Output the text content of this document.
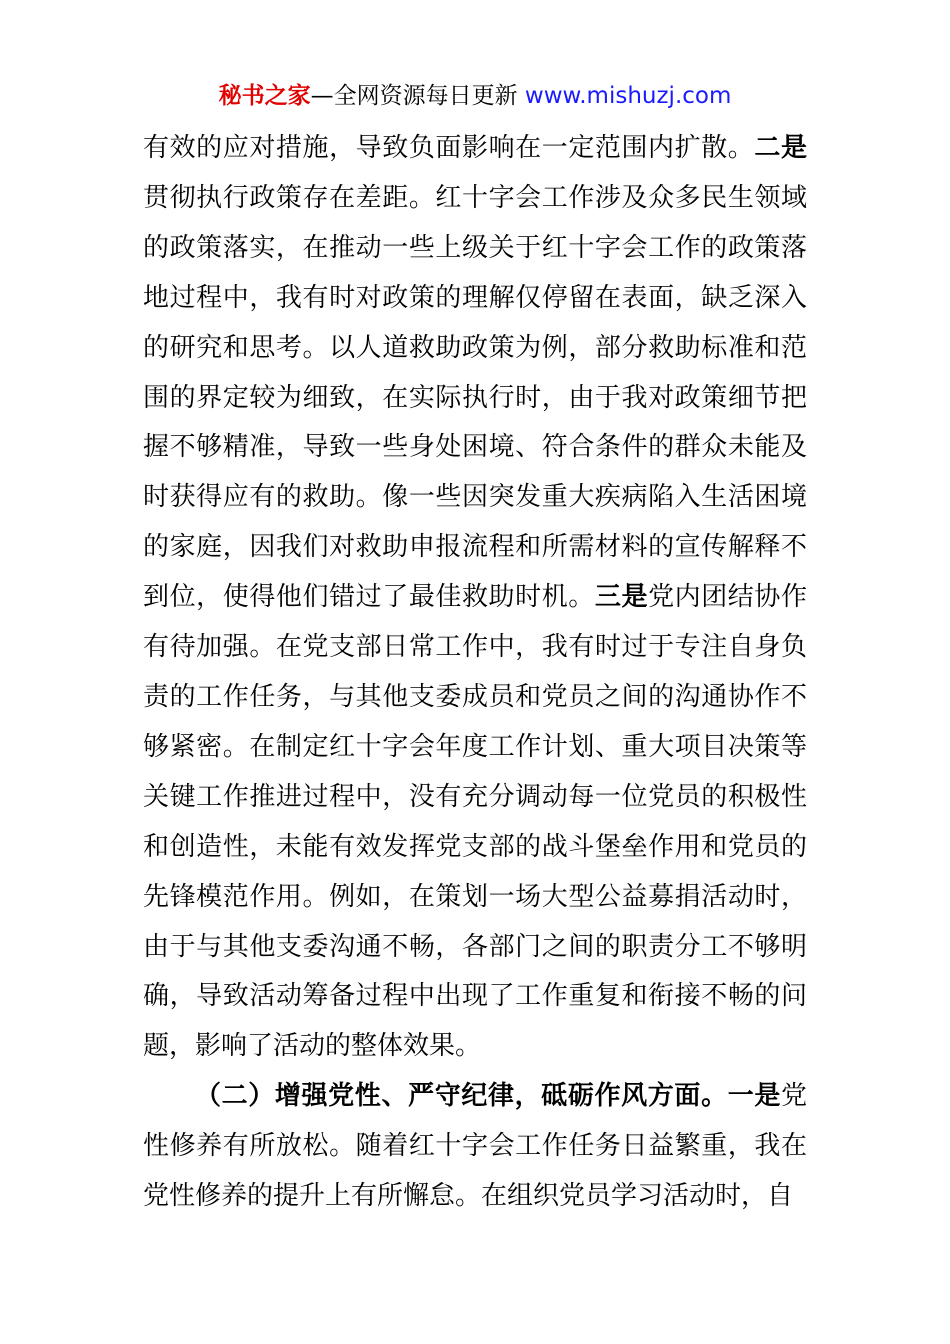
秘书之家—全网资源每日更新 www.mishuzj.com

有效的应对措施，导致负面影响在一定范围内扩散。二是贯彻执行政策存在差距。红十字会工作涉及众多民生领域的政策落实，在推动一些上级关于红十字会工作的政策落地过程中，我有时对政策的理解仅停留在表面，缺乏深入的研究和思考。以人道救助政策为例，部分救助标准和范围的界定较为细致，在实际执行时，由于我对政策细节把握不够精准，导致一些身处困境、符合条件的群众未能及时获得应有的救助。像一些因突发重大疾病陷入生活困境的家庭，因我们对救助申报流程和所需材料的宣传解释不到位，使得他们错过了最佳救助时机。三是党内团结协作有待加强。在党支部日常工作中，我有时过于专注自身负责的工作任务，与其他支委成员和党员之间的沟通协作不够紧密。在制定红十字会年度工作计划、重大项目决策等关键工作推进过程中，没有充分调动每一位党员的积极性和创造性，未能有效发挥党支部的战斗堡垒作用和党员的先锋模范作用。例如，在策划一场大型公益募捐活动时，由于与其他支委沟通不畅，各部门之间的职责分工不够明确，导致活动筹备过程中出现了工作重复和衔接不畅的问题，影响了活动的整体效果。

（二）增强党性、严守纪律，砥砺作风方面。一是党性修养有所放松。随着红十字会工作任务日益繁重，我在党性修养的提升上有所懈怠。在组织党员学习活动时，自
